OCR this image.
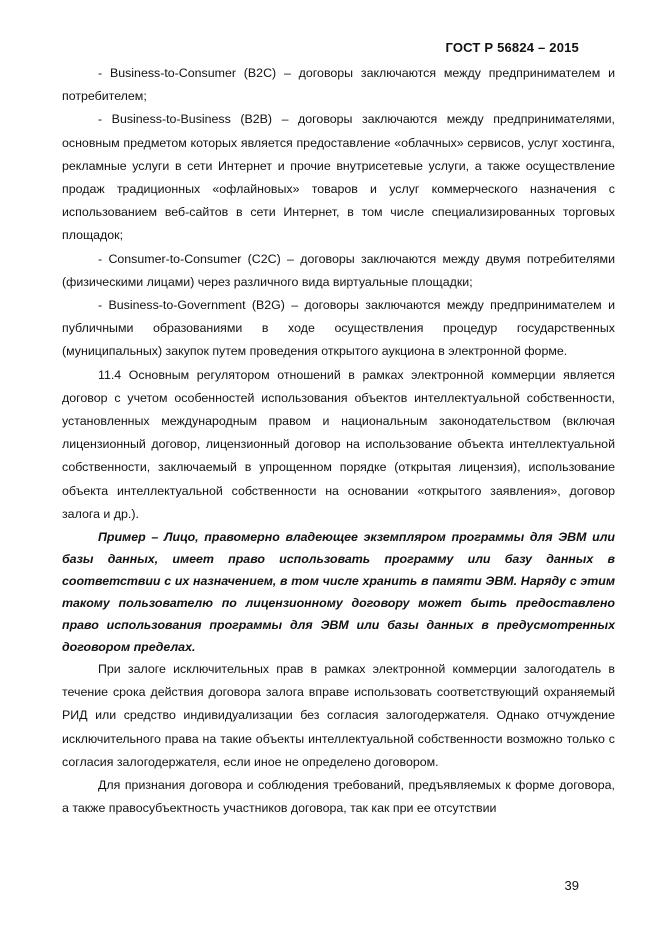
ГОСТ Р 56824 – 2015

- Business-to-Consumer (B2C) – договоры заключаются между предпринимателем и потребителем;

- Business-to-Business (B2B) – договоры заключаются между предпринимателями, основным предметом которых является предоставление «облачных» сервисов, услуг хостинга, рекламные услуги в сети Интернет и прочие внутрисетевые услуги, а также осуществление продаж традиционных «офлайновых» товаров и услуг коммерческого назначения с использованием веб-сайтов в сети Интернет, в том числе специализированных торговых площадок;

- Consumer-to-Consumer (C2C) – договоры заключаются между двумя потребителями (физическими лицами) через различного вида виртуальные площадки;

- Business-to-Government (B2G) – договоры заключаются между предпринимателем и публичными образованиями в ходе осуществления процедур государственных (муниципальных) закупок путем проведения открытого аукциона в электронной форме.

11.4 Основным регулятором отношений в рамках электронной коммерции является договор с учетом особенностей использования объектов интеллектуальной собственности, установленных международным правом и национальным законодательством (включая лицензионный договор, лицензионный договор на использование объекта интеллектуальной собственности, заключаемый в упрощенном порядке (открытая лицензия), использование объекта интеллектуальной собственности на основании «открытого заявления», договор залога и др.).

Пример – Лицо, правомерно владеющее экземпляром программы для ЭВМ или базы данных, имеет право использовать программу или базу данных в соответствии с их назначением, в том числе хранить в памяти ЭВМ. Наряду с этим такому пользователю по лицензионному договору может быть предоставлено право использования программы для ЭВМ или базы данных в предусмотренных договором пределах.

При залоге исключительных прав в рамках электронной коммерции залогодатель в течение срока действия договора залога вправе использовать соответствующий охраняемый РИД или средство индивидуализации без согласия залогодержателя. Однако отчуждение исключительного права на такие объекты интеллектуальной собственности возможно только с согласия залогодержателя, если иное не определено договором.

Для признания договора и соблюдения требований, предъявляемых к форме договора, а также правосубъектность участников договора, так как при ее отсутствии

39
